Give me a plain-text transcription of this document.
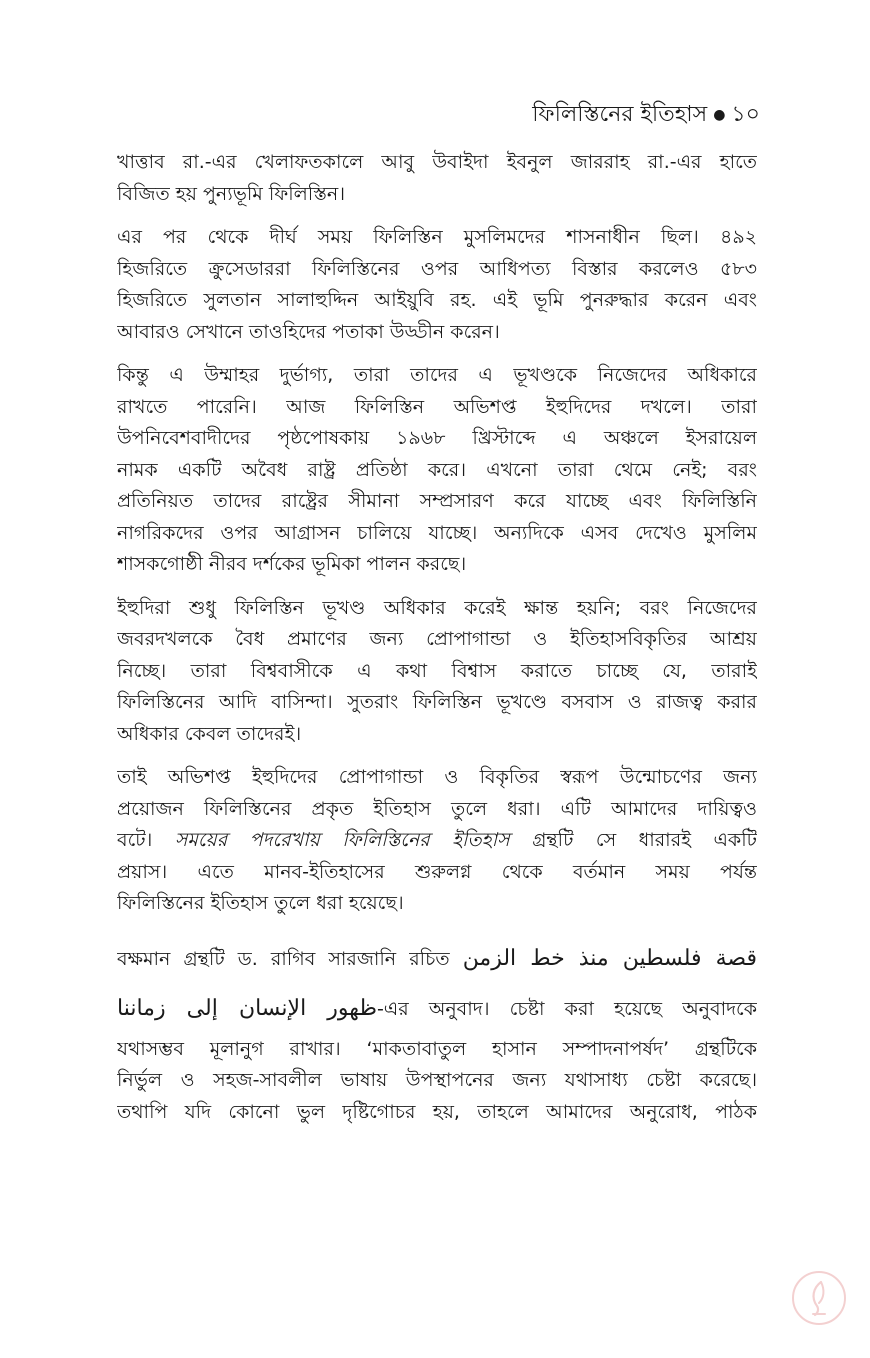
ফিলিস্তিনের ইতিহাস ● ১০
খাত্তাব রা.-এর খেলাফতকালে আবু উবাইদা ইবনুল জাররাহ রা.-এর হাতে
বিজিত হয় পুন্যভূমি ফিলিস্তিন।
এর পর থেকে দীর্ঘ সময় ফিলিস্তিন মুসলিমদের শাসনাধীন ছিল। ৪৯২
হিজরিতে ক্রুসেডাররা ফিলিস্তিনের ওপর আধিপত্য বিস্তার করলেও ৫৮৩
হিজরিতে সুলতান সালাহুদ্দিন আইয়ুবি রহ. এই ভূমি পুনরুদ্ধার করেন এবং
আবারও সেখানে তাওহিদের পতাকা উড্ডীন করেন।
কিন্তু এ উম্মাহর দুর্ভাগ্য, তারা তাদের এ ভূখণ্ডকে নিজেদের অধিকারে
রাখতে পারেনি। আজ ফিলিস্তিন অভিশপ্ত ইহুদিদের দখলে। তারা
উপনিবেশবাদীদের পৃষ্ঠপোষকায় ১৯৬৮ খ্রিস্টাব্দে এ অঞ্চলে ইসরায়েল
নামক একটি অবৈধ রাষ্ট্র প্রতিষ্ঠা করে। এখনো তারা থেমে নেই; বরং
প্রতিনিয়ত তাদের রাষ্ট্রের সীমানা সম্প্রসারণ করে যাচ্ছে এবং ফিলিস্তিনি
নাগরিকদের ওপর আগ্রাসন চালিয়ে যাচ্ছে। অন্যদিকে এসব দেখেও মুসলিম
শাসকগোষ্ঠী নীরব দর্শকের ভূমিকা পালন করছে।
ইহুদিরা শুধু ফিলিস্তিন ভূখণ্ড অধিকার করেই ক্ষান্ত হয়নি; বরং নিজেদের
জবরদখলকে বৈধ প্রমাণের জন্য প্রোপাগান্ডা ও ইতিহাসবিকৃতির আশ্রয়
নিচ্ছে। তারা বিশ্ববাসীকে এ কথা বিশ্বাস করাতে চাচ্ছে যে, তারাই
ফিলিস্তিনের আদি বাসিন্দা। সুতরাং ফিলিস্তিন ভূখণ্ডে বসবাস ও রাজত্ব করার
অধিকার কেবল তাদেরই।
তাই অভিশপ্ত ইহুদিদের প্রোপাগান্ডা ও বিকৃতির স্বরূপ উন্মোচণের জন্য
প্রয়োজন ফিলিস্তিনের প্রকৃত ইতিহাস তুলে ধরা। এটি আমাদের দায়িত্বও
বটে। সময়ের পদরেখায় ফিলিস্তিনের ইতিহাস গ্রন্থটি সে ধারারই একটি
প্রয়াস। এতে মানব-ইতিহাসের শুরুলগ্ন থেকে বর্তমান সময় পর্যন্ত
ফিলিস্তিনের ইতিহাস তুলে ধরা হয়েছে।
বক্ষমান গ্রন্থটি ড. রাগিব সারজানি রচিত قصة فلسطين منذ خط الزمن
ظهور الإنسان إلى زماننا-এর অনুবাদ। চেষ্টা করা হয়েছে অনুবাদকে
যথাসম্ভব মূলানুগ রাখার। ‘মাকতাবাতুল হাসান সম্পাদনাপর্ষদ’ গ্রন্থটিকে
নির্ভুল ও সহজ-সাবলীল ভাষায় উপস্থাপনের জন্য যথাসাধ্য চেষ্টা করেছে।
তথাপি যদি কোনো ভুল দৃষ্টিগোচর হয়, তাহলে আমাদের অনুরোধ, পাঠক
